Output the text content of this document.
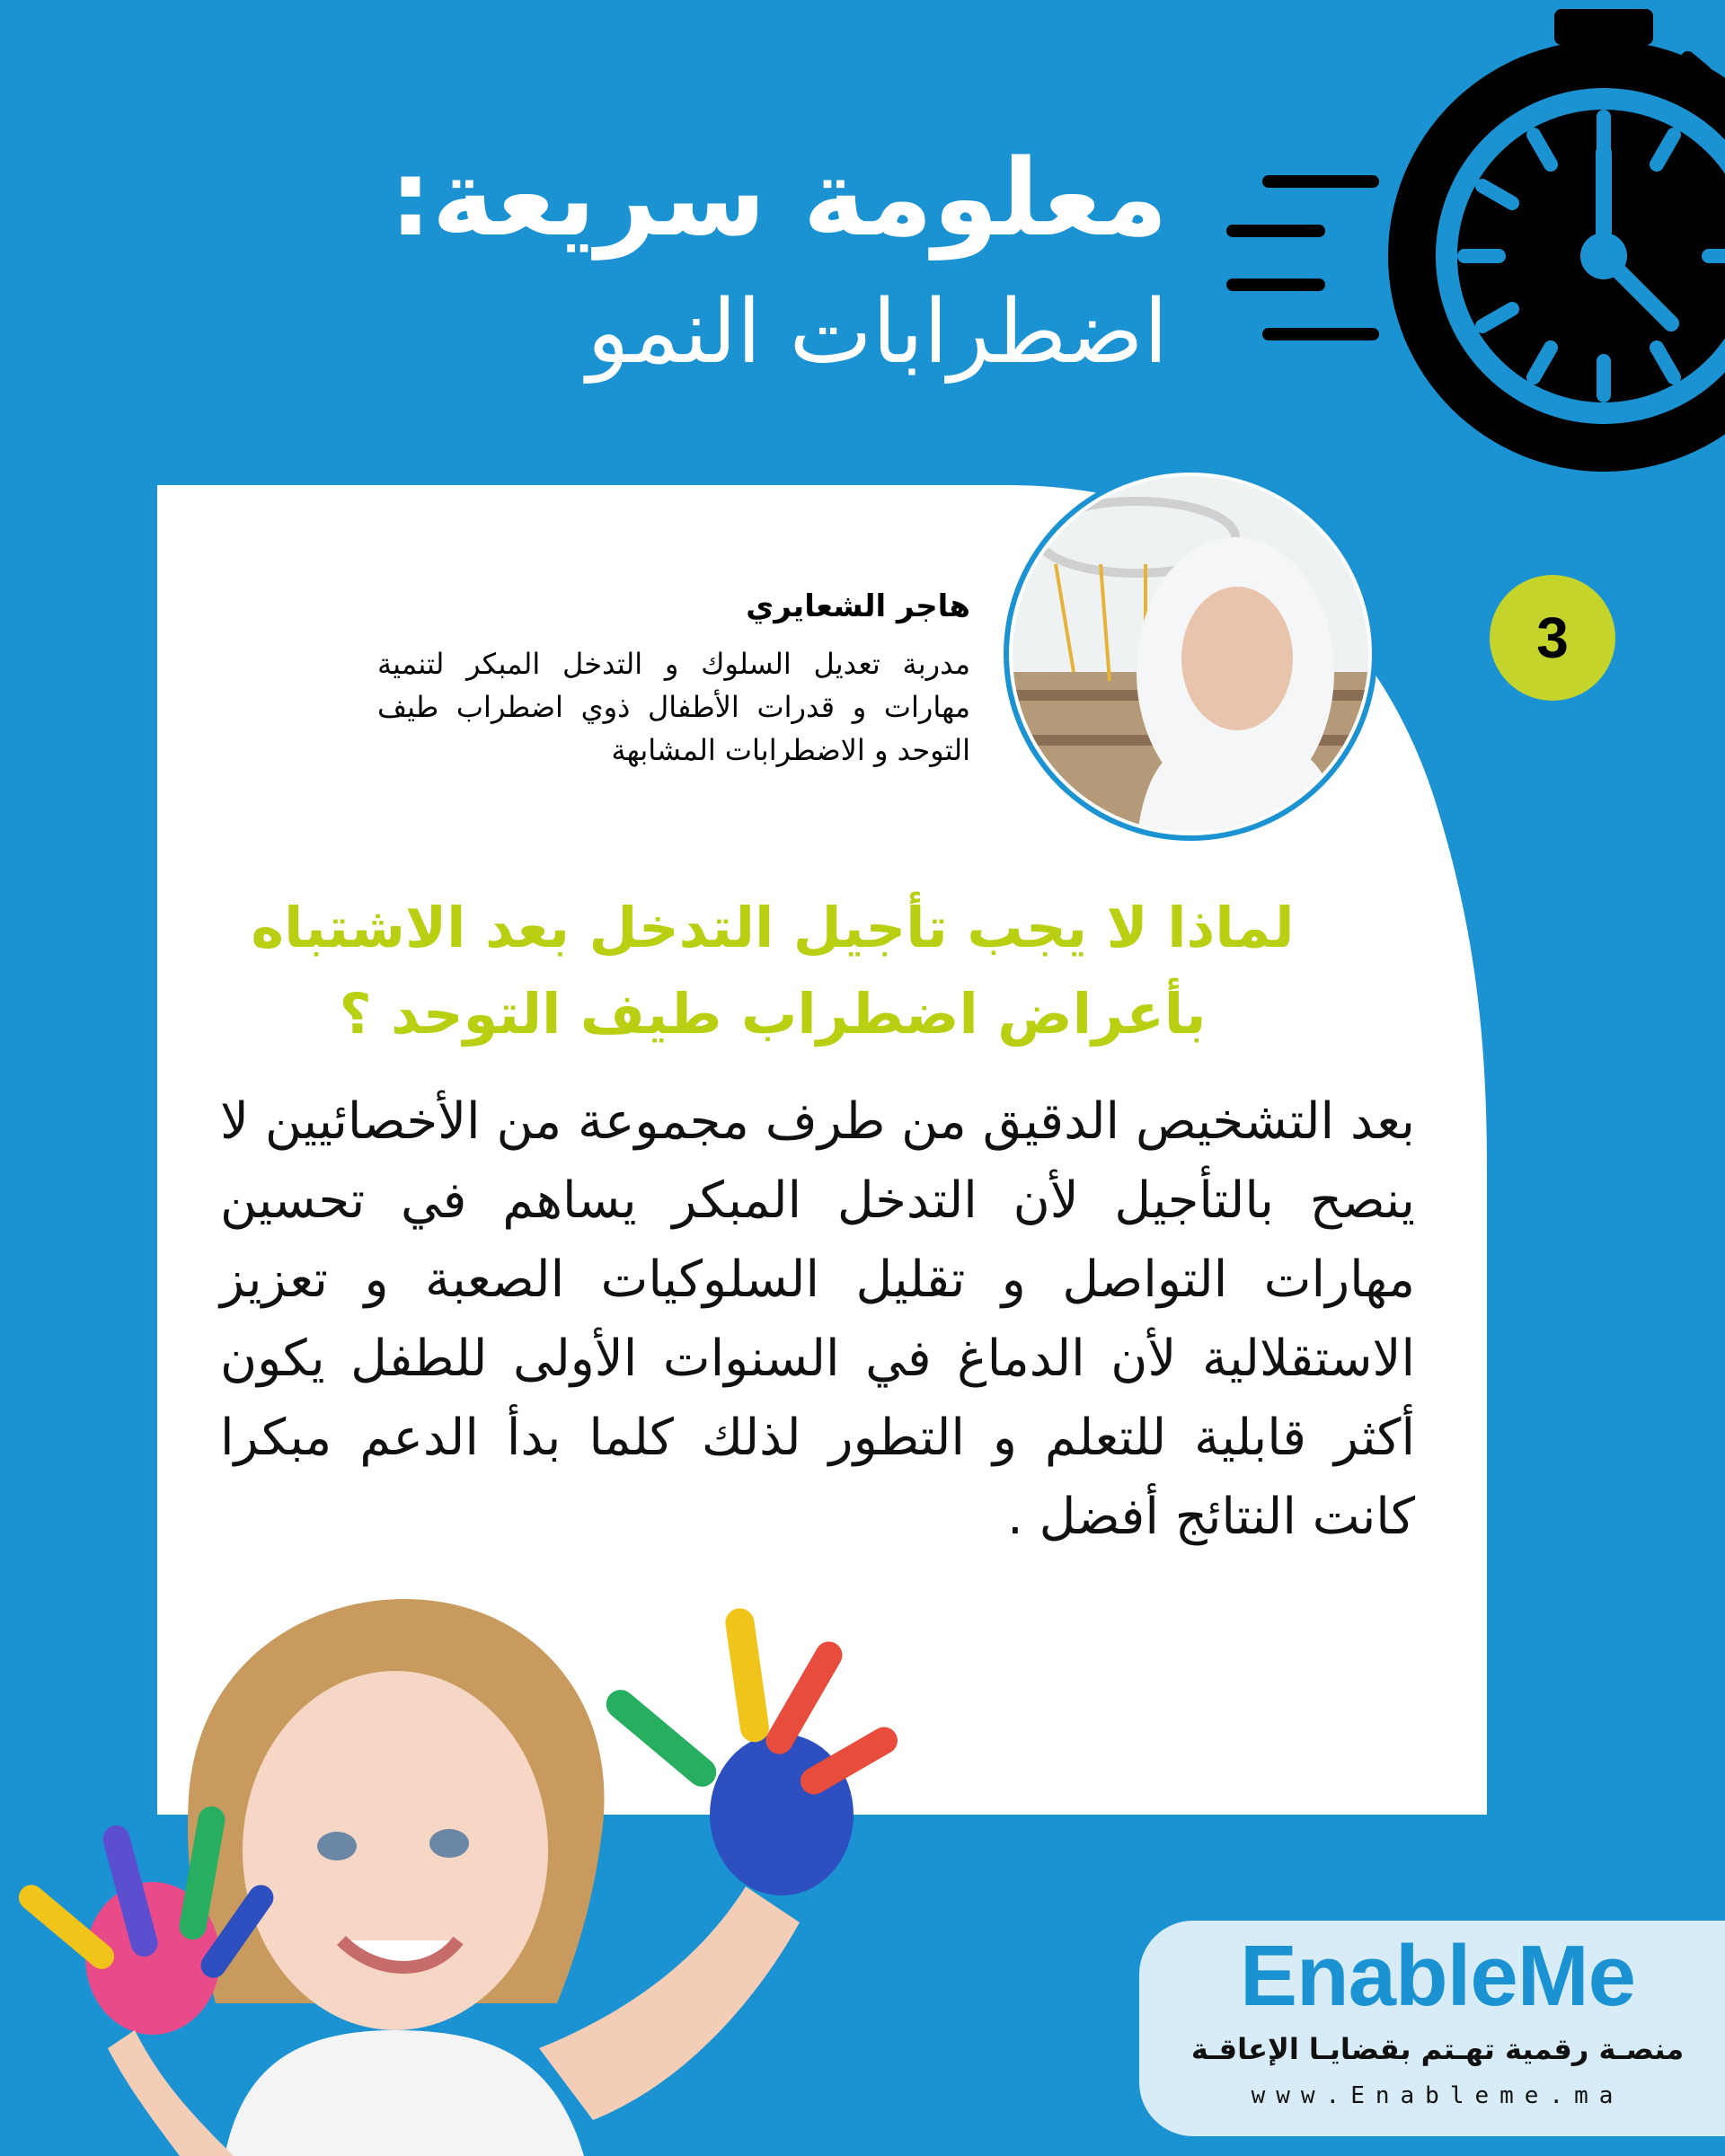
معلومة سريعة:
اضطرابات النمو
هاجر الشعايري
مدربة تعديل السلوك و التدخل المبكر لتنمية مهارات و قدرات الأطفال ذوي اضطراب طيف التوحد و الاضطرابات المشابهة
3
لماذا لا يجب تأجيل التدخل بعد الاشتباه بأعراض اضطراب طيف التوحد ؟
بعد التشخيص الدقيق من طرف مجموعة من الأخصائيين لا ينصح بالتأجيل لأن التدخل المبكر يساهم في تحسين مهارات التواصل و تقليل السلوكيات الصعبة و تعزيز الاستقلالية لأن الدماغ في السنوات الأولى للطفل يكون أكثر قابلية للتعلم و التطور لذلك كلما بدأ الدعم مبكرا كانت النتائج أفضل .
EnableMe
منصـة رقمية تهـتم بقضايـا الإعاقـة
www.Enableme.ma
